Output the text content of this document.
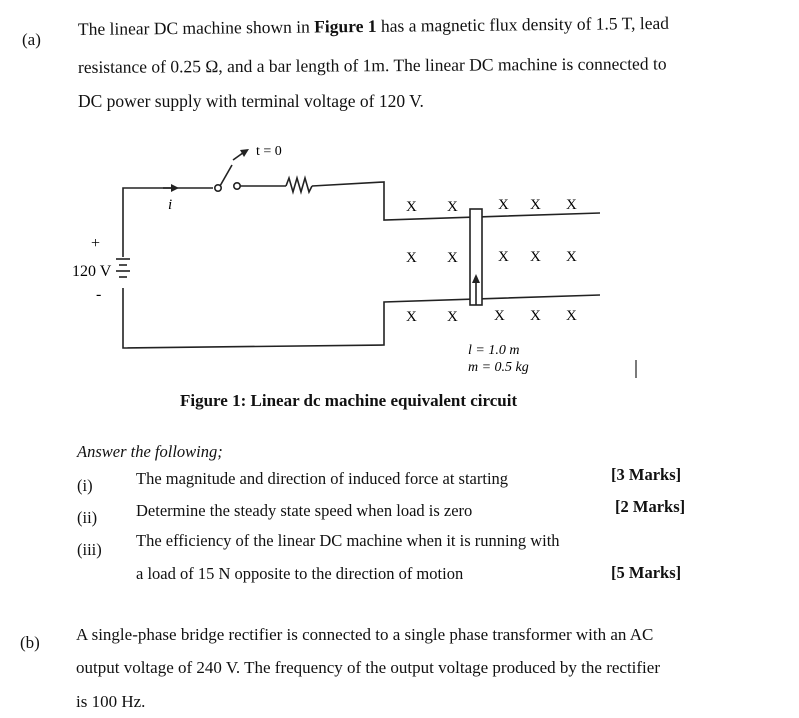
(a)
The linear DC machine shown in Figure 1 has a magnetic flux density of 1.5 T, lead
resistance of 0.25 Ω, and a bar length of 1m. The linear DC machine is connected to
DC power supply with terminal voltage of 120 V.
t = 0
i
+
120 V
-
X X	X X X
X X	X X X
X X X X X
l = 1.0 m
m = 0.5 kg
Figure 1: Linear dc machine equivalent circuit
Answer the following;
(i)	The magnitude and direction of induced force at starting	[3 Marks]
(ii) Determine the steady state speed when load is zero	[2 Marks]
(iii) The efficiency of the linear DC machine when it is running with
a load of 15 N opposite to the direction of motion	[5 Marks]
(b) A single-phase bridge rectifier is connected to a single phase transformer with an AC
output voltage of 240 V. The frequency of the output voltage produced by the rectifier
is 100 Hz.
